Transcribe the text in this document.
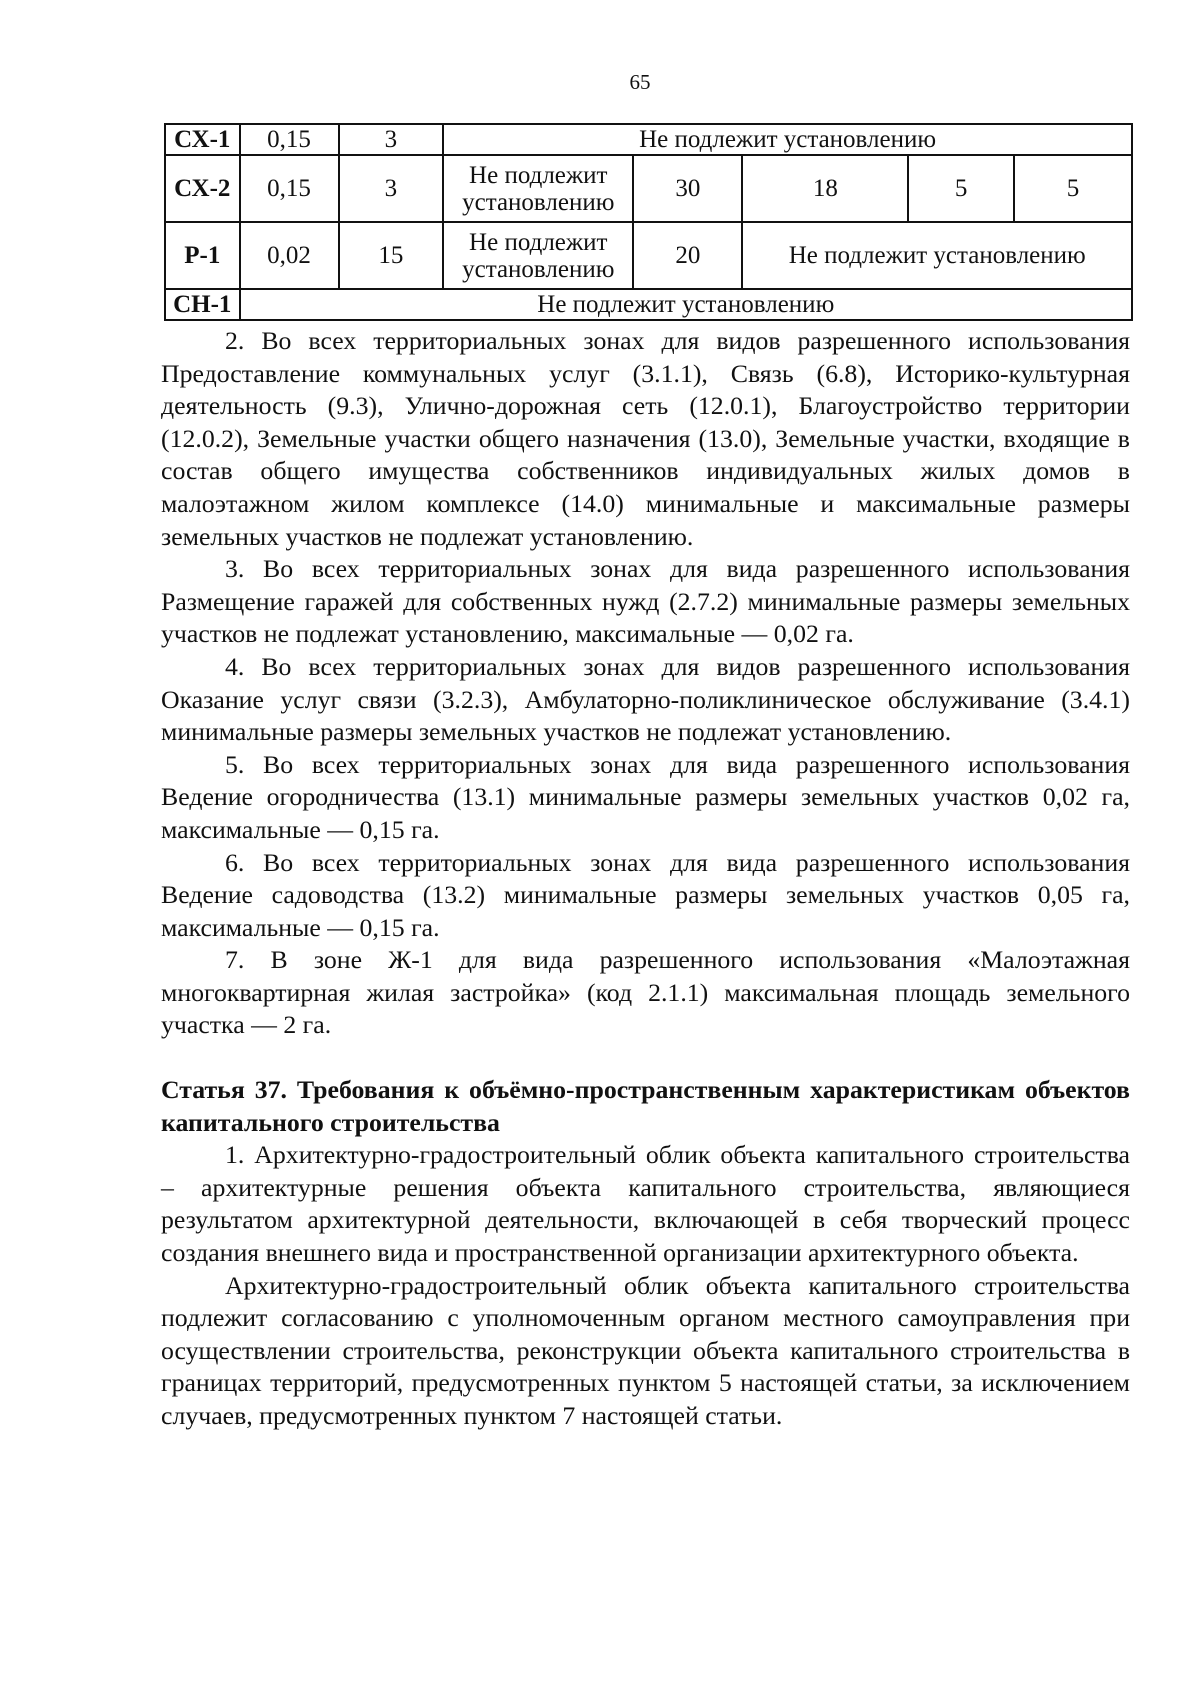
65
СХ-1	0,15	3	Не подлежит установлению				
СХ-2	0,15	3	Не подлежит установлению	30	18	5	5
Р-1	0,02	15	Не подлежит установлению	20	Не подлежит установлению		
СН-1	Не подлежит установлению						

2. Во всех территориальных зонах для видов разрешенного использования Предоставление коммунальных услуг (3.1.1), Связь (6.8), Историко-культурная деятельность (9.3), Улично-дорожная сеть (12.0.1), Благоустройство территории (12.0.2), Земельные участки общего назначения (13.0), Земельные участки, входящие в состав общего имущества собственников индивидуальных жилых домов в малоэтажном жилом комплексе (14.0) минимальные и максимальные размеры земельных участков не подлежат установлению.

3. Во всех территориальных зонах для вида разрешенного использования Размещение гаражей для собственных нужд (2.7.2) минимальные размеры земельных участков не подлежат установлению, максимальные — 0,02 га.

4. Во всех территориальных зонах для видов разрешенного использования Оказание услуг связи (3.2.3), Амбулаторно-поликлиническое обслуживание (3.4.1) минимальные размеры земельных участков не подлежат установлению.

5. Во всех территориальных зонах для вида разрешенного использования Ведение огородничества (13.1) минимальные размеры земельных участков 0,02 га, максимальные — 0,15 га.

6. Во всех территориальных зонах для вида разрешенного использования Ведение садоводства (13.2) минимальные размеры земельных участков 0,05 га, максимальные — 0,15 га.

7. В зоне Ж-1 для вида разрешенного использования «Малоэтажная многоквартирная жилая застройка» (код 2.1.1) максимальная площадь земельного участка — 2 га.

Статья 37. Требования к объёмно-пространственным характеристикам объектов капитального строительства

1. Архитектурно-градостроительный облик объекта капитального строительства – архитектурные решения объекта капитального строительства, являющиеся результатом архитектурной деятельности, включающей в себя творческий процесс создания внешнего вида и пространственной организации архитектурного объекта.

Архитектурно-градостроительный облик объекта капитального строительства подлежит согласованию с уполномоченным органом местного самоуправления при осуществлении строительства, реконструкции объекта капитального строительства в границах территорий, предусмотренных пунктом 5 настоящей статьи, за исключением случаев, предусмотренных пунктом 7 настоящей статьи.
